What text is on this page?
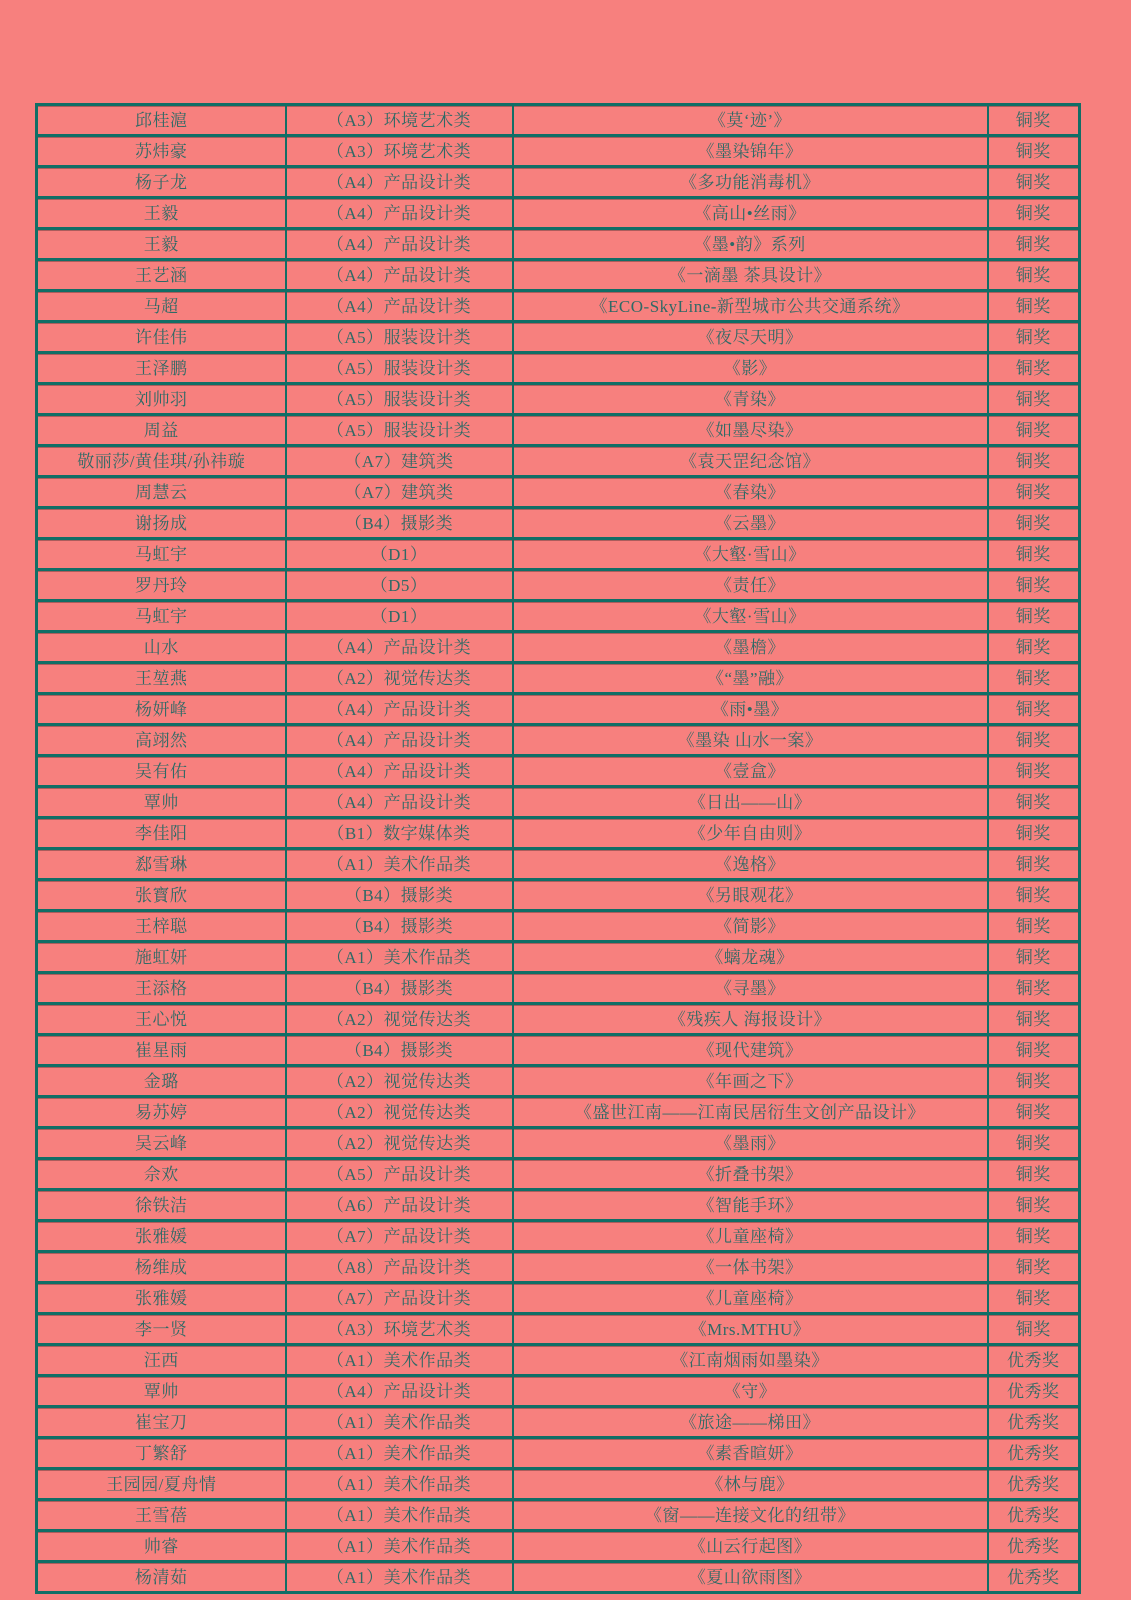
邱桂滬	（A3）环境艺术类	《莫‘迹’》	铜奖
苏炜豪	（A3）环境艺术类	《墨染锦年》	铜奖
杨子龙	（A4）产品设计类	《多功能消毒机》	铜奖
王毅	（A4）产品设计类	《高山•丝雨》	铜奖
王毅	（A4）产品设计类	《墨•韵》系列	铜奖
王艺涵	（A4）产品设计类	《一滴墨 茶具设计》	铜奖
马超	（A4）产品设计类	《ECO-SkyLine-新型城市公共交通系统》	铜奖
许佳伟	（A5）服装设计类	《夜尽天明》	铜奖
王泽鹏	（A5）服装设计类	《影》	铜奖
刘帅羽	（A5）服装设计类	《青染》	铜奖
周益	（A5）服装设计类	《如墨尽染》	铜奖
敬丽莎/黄佳琪/孙祎璇	（A7）建筑类	《袁天罡纪念馆》	铜奖
周慧云	（A7）建筑类	《春染》	铜奖
谢扬成	（B4）摄影类	《云墨》	铜奖
马虹宇	（D1）	《大壑·雪山》	铜奖
罗丹玲	（D5）	《责任》	铜奖
马虹宇	（D1）	《大壑·雪山》	铜奖
山水	（A4）产品设计类	《墨檐》	铜奖
王堃燕	（A2）视觉传达类	《“墨”融》	铜奖
杨妍峰	（A4）产品设计类	《雨•墨》	铜奖
高翊然	（A4）产品设计类	《墨染 山水一案》	铜奖
吴有佑	（A4）产品设计类	《壹盒》	铜奖
覃帅	（A4）产品设计类	《日出——山》	铜奖
李佳阳	（B1）数字媒体类	《少年自由则》	铜奖
郄雪琳	（A1）美术作品类	《逸格》	铜奖
张寳欣	（B4）摄影类	《另眼观花》	铜奖
王梓聪	（B4）摄影类	《简影》	铜奖
施虹妍	（A1）美术作品类	《螭龙魂》	铜奖
王添格	（B4）摄影类	《寻墨》	铜奖
王心悦	（A2）视觉传达类	《残疾人 海报设计》	铜奖
崔星雨	（B4）摄影类	《现代建筑》	铜奖
金璐	（A2）视觉传达类	《年画之下》	铜奖
易苏婷	（A2）视觉传达类	《盛世江南——江南民居衍生文创产品设计》	铜奖
吴云峰	（A2）视觉传达类	《墨雨》	铜奖
佘欢	（A5）产品设计类	《折叠书架》	铜奖
徐铁洁	（A6）产品设计类	《智能手环》	铜奖
张雅媛	（A7）产品设计类	《儿童座椅》	铜奖
杨维成	（A8）产品设计类	《一体书架》	铜奖
张雅媛	（A7）产品设计类	《儿童座椅》	铜奖
李一贤	（A3）环境艺术类	《Mrs.MTHU》	铜奖
汪西	（A1）美术作品类	《江南烟雨如墨染》	优秀奖
覃帅	（A4）产品设计类	《守》	优秀奖
崔宝刀	（A1）美术作品类	《旅途——梯田》	优秀奖
丁繁舒	（A1）美术作品类	《素香暄妍》	优秀奖
王园园/夏舟情	（A1）美术作品类	《林与鹿》	优秀奖
王雪蓓	（A1）美术作品类	《窗——连接文化的纽带》	优秀奖
帅睿	（A1）美术作品类	《山云行起图》	优秀奖
杨清茹	（A1）美术作品类	《夏山欲雨图》	优秀奖
